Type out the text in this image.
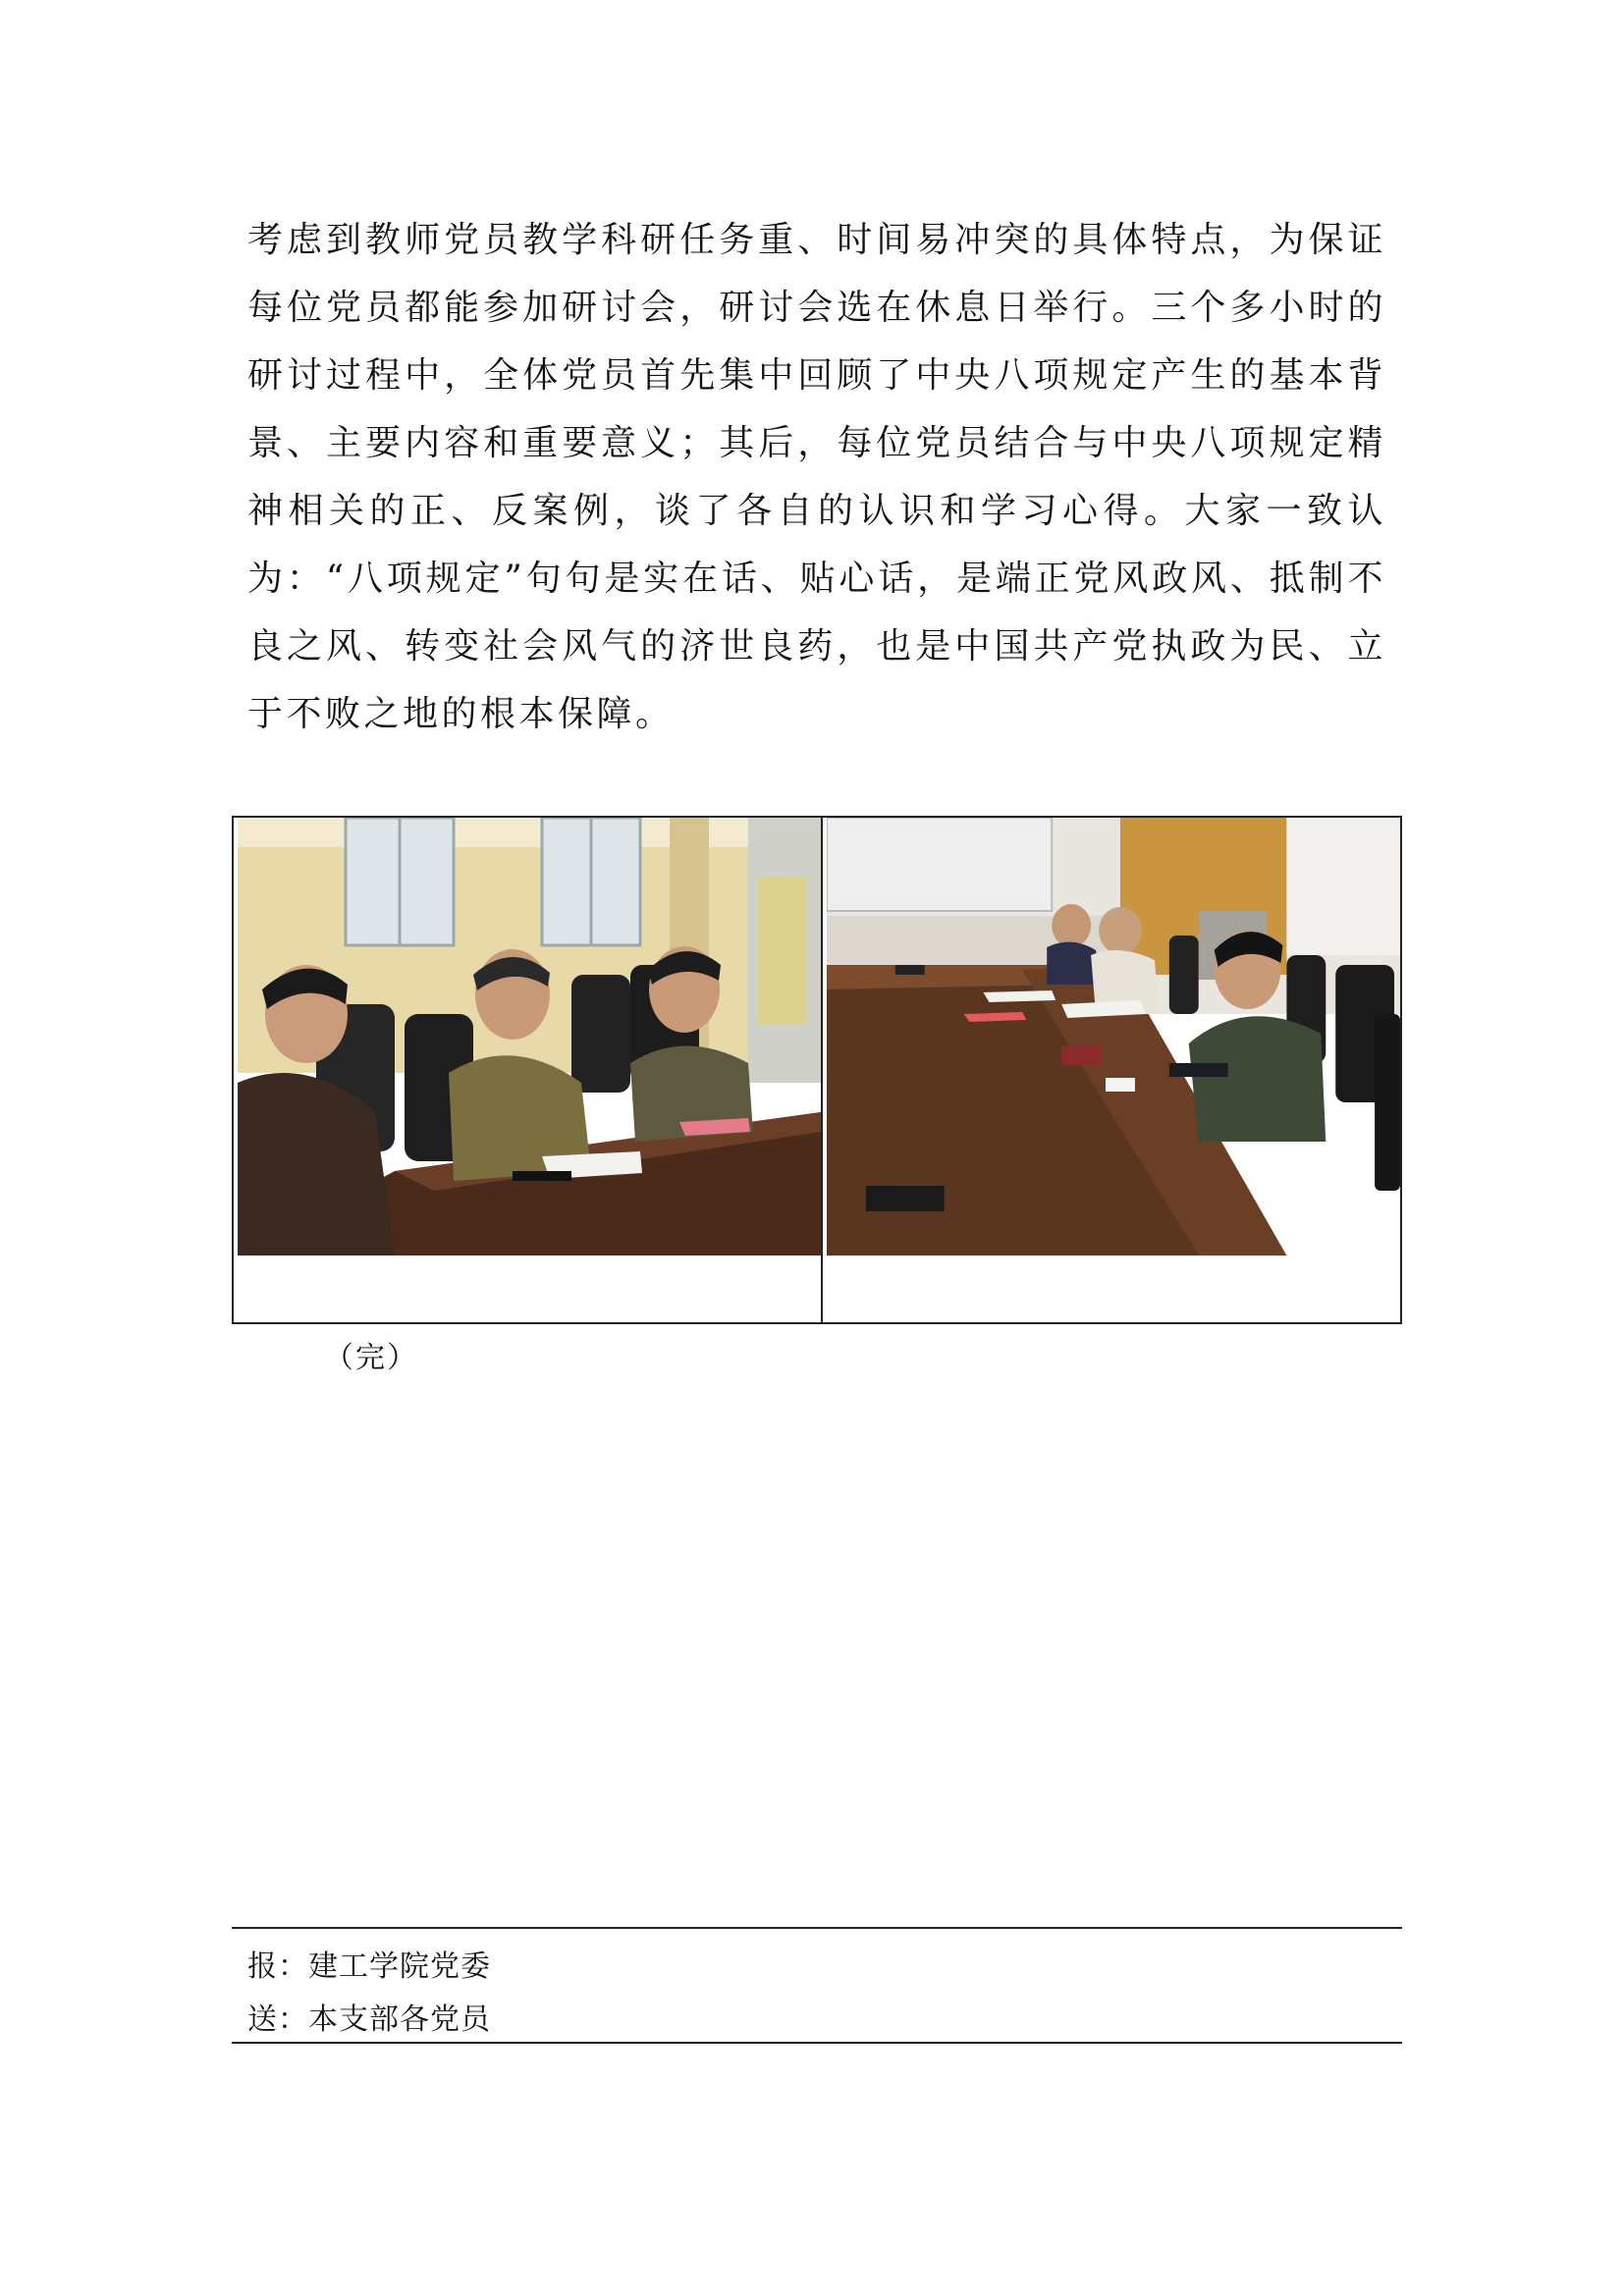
考虑到教师党员教学科研任务重、时间易冲突的具体特点，为保证每位党员都能参加研讨会，研讨会选在休息日举行。三个多小时的研讨过程中，全体党员首先集中回顾了中央八项规定产生的基本背景、主要内容和重要意义；其后，每位党员结合与中央八项规定精神相关的正、反案例，谈了各自的认识和学习心得。大家一致认为：“八项规定”句句是实在话、贴心话，是端正党风政风、抵制不良之风、转变社会风气的济世良药，也是中国共产党执政为民、立于不败之地的根本保障。

（完）
报：建工学院党委
送：本支部各党员
